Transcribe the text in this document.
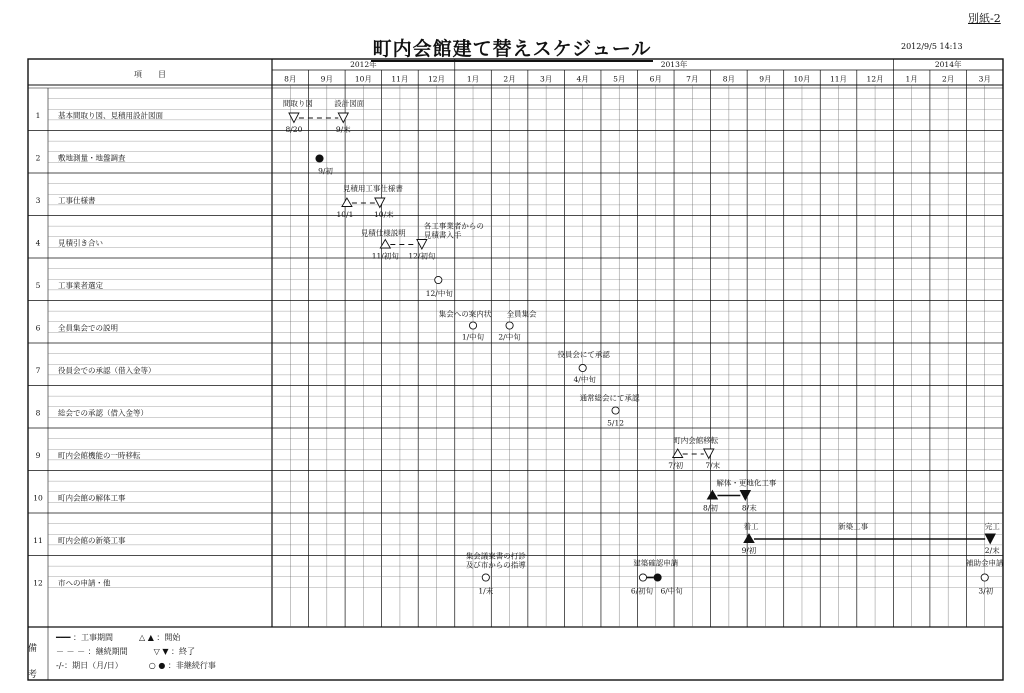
別紙-2
町内会館建て替えスケジュール	2012/9/5 14:13
項　　目
2012年	2013年	2014年
8月	9月	10月	11月	12月	1月	2月	3月	4月	5月	6月	7月	8月	9月	10月	11月	12月	1月	2月	3月
1 基本間取り図、見積用設計図面
2 敷地測量・地盤調査
3 工事仕様書
4 見積引き合い
5 工事業者選定
6 全員集会での説明
7 役員会での承認（借入金等）
8 総会での承認（借入金等）
9 町内会館機能の一時移転
10 町内会館の解体工事
11 町内会館の新築工事
12 市への申請・他
間取り図	設計図面
8/20	9/末
9/初
見積用工事仕様書
10/1	10/末
見積仕様説明
各工事業者からの
見積書入手
11/初旬 12/初旬
12/中旬
集会への案内状 全員集会
1/中旬 2/中旬
役員会にて承認
4/中旬
通常総会にて承認
5/12
町内会館移転
7/初	7/末
解体・更地化工事
8/初	8/末
着工	新築工事	完工
9/初	2/末
集会議案書の打診
及び市からの指導
1/末
建築確認申請
6/初旬 6/中旬
補助金申請
3/初
備
考
━━━ ：工事期間	△ ▲ ：開始
－ － － ：継続期間	▽ ▼ ：終了
-/-：期日（月/日）	○ ● ：非継続行事
